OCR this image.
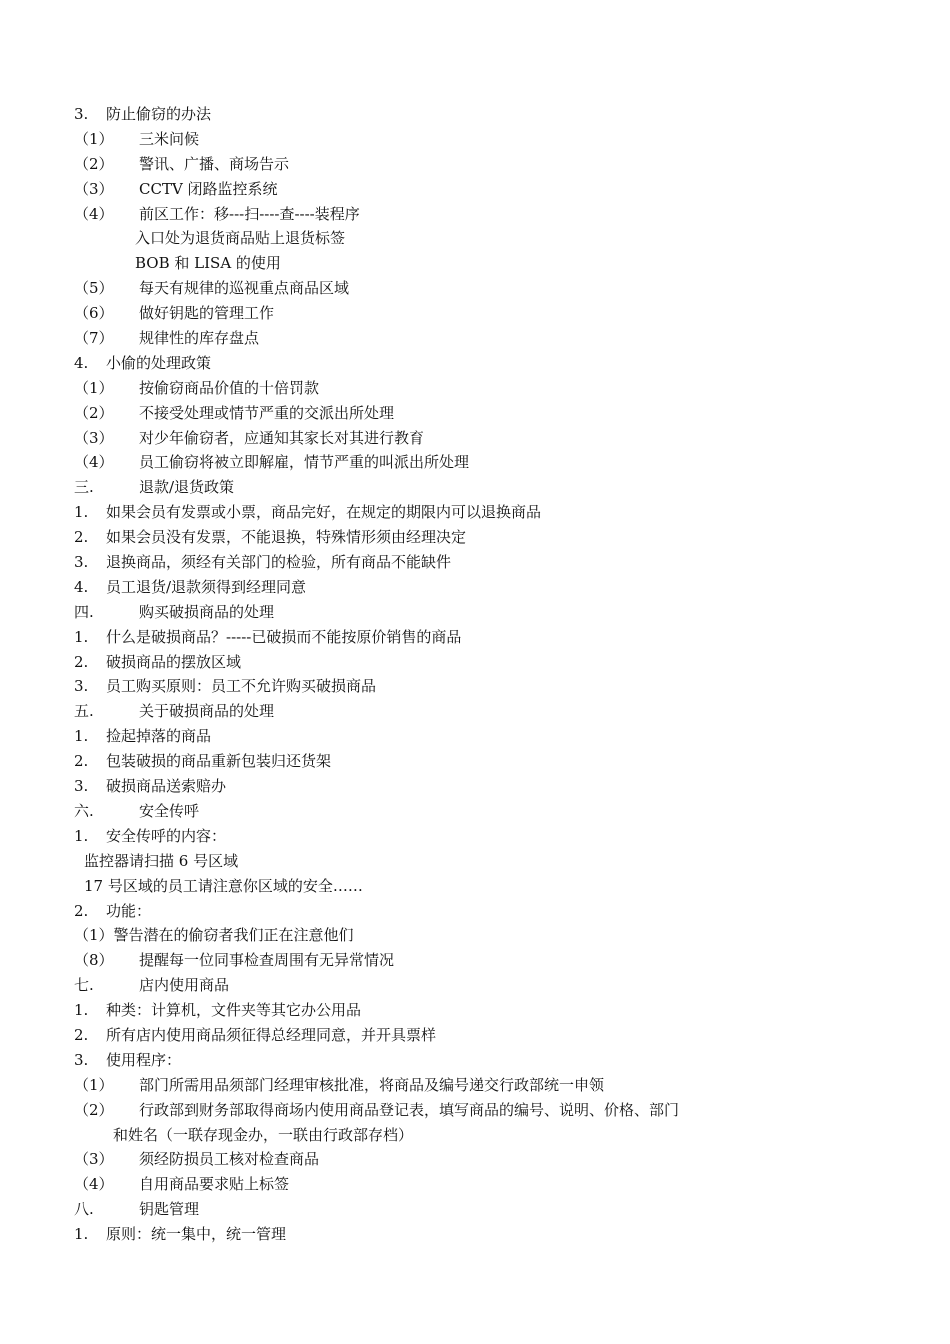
3. 防止偷窃的办法
（1） 三米问候
（2） 警讯、广播、商场告示
（3） CCTV 闭路监控系统
（4） 前区工作：移---扫----查----装程序
入口处为退货商品贴上退货标签
BOB 和 LISA 的使用
（5） 每天有规律的巡视重点商品区域
（6） 做好钥匙的管理工作
（7） 规律性的库存盘点
4. 小偷的处理政策
（1） 按偷窃商品价值的十倍罚款
（2） 不接受处理或情节严重的交派出所处理
（3） 对少年偷窃者，应通知其家长对其进行教育
（4） 员工偷窃将被立即解雇，情节严重的叫派出所处理
三.	退款/退货政策
1. 如果会员有发票或小票，商品完好，在规定的期限内可以退换商品
2. 如果会员没有发票，不能退换，特殊情形须由经理决定
3. 退换商品，须经有关部门的检验，所有商品不能缺件
4. 员工退货/退款须得到经理同意
四.	购买破损商品的处理
1. 什么是破损商品？-----已破损而不能按原价销售的商品
2. 破损商品的摆放区域
3. 员工购买原则：员工不允许购买破损商品
五.	关于破损商品的处理
1. 捡起掉落的商品
2. 包装破损的商品重新包装归还货架
3. 破损商品送索赔办
六.	安全传呼
1. 安全传呼的内容：
监控器请扫描 6 号区域
17 号区域的员工请注意你区域的安全……
2. 功能：
（1）警告潜在的偷窃者我们正在注意他们
（8） 提醒每一位同事检查周围有无异常情况
七.	店内使用商品
1. 种类：计算机，文件夹等其它办公用品
2. 所有店内使用商品须征得总经理同意，并开具票样
3. 使用程序：
（1） 部门所需用品须部门经理审核批准，将商品及编号递交行政部统一申领
（2） 行政部到财务部取得商场内使用商品登记表，填写商品的编号、说明、价格、部门
和姓名（一联存现金办，一联由行政部存档）
（3） 须经防损员工核对检查商品
（4） 自用商品要求贴上标签
八.	钥匙管理
1. 原则：统一集中，统一管理
